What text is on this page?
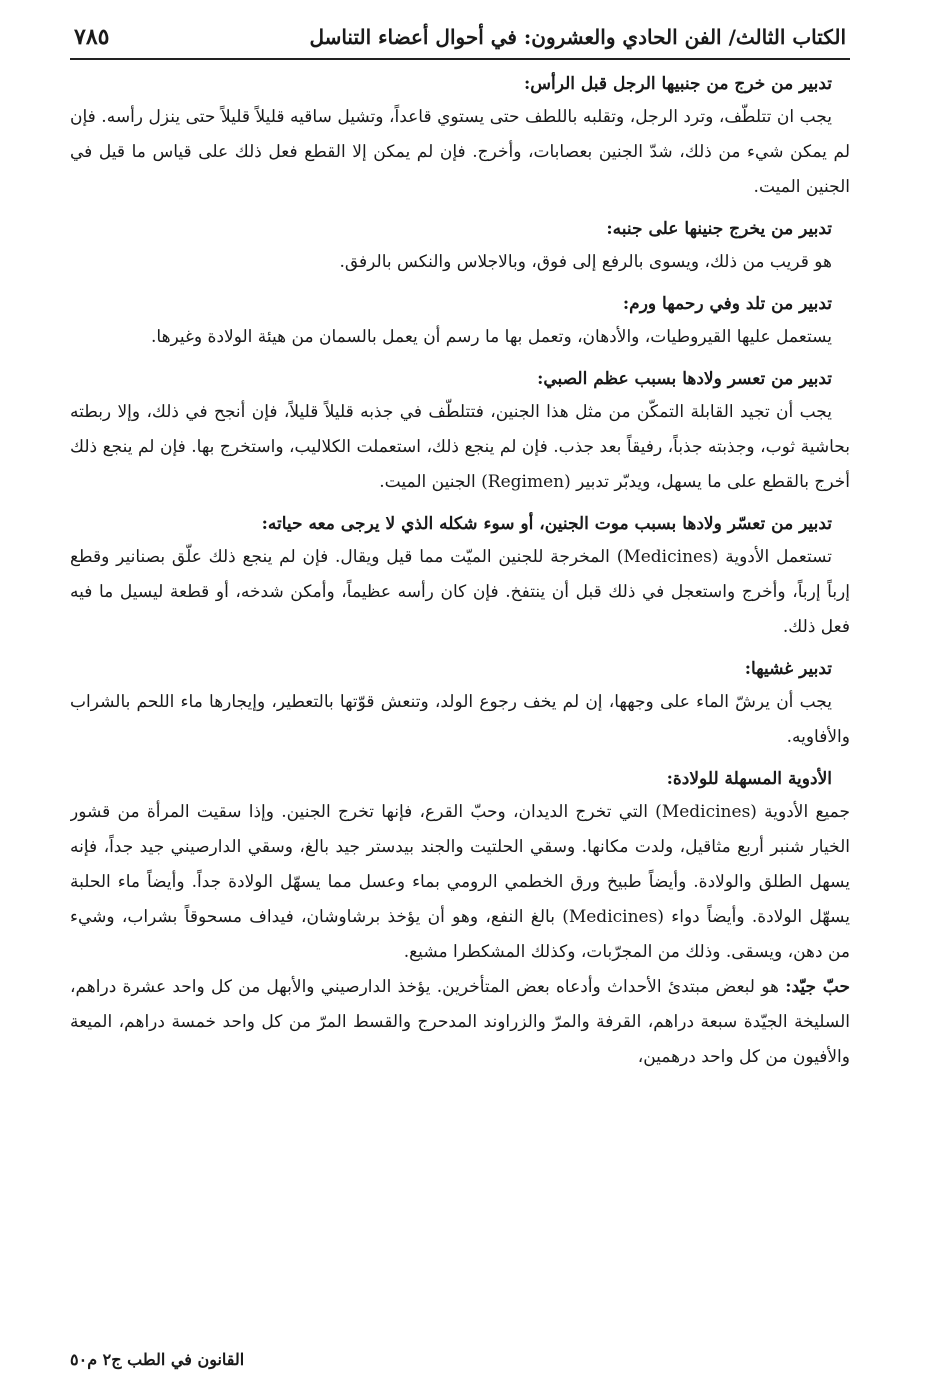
الكتاب الثالث/ الفن الحادي والعشرون: في أحوال أعضاء التناسل
٧٨٥
تدبير من خرج من جنبيها الرجل قبل الرأس:

يجب ان تتلطّف، وترد الرجل، وتقلبه باللطف حتى يستوي قاعداً، وتشيل ساقيه قليلاً قليلاً حتى ينزل رأسه. فإن لم يمكن شيء من ذلك، شدّ الجنين بعصابات، وأخرج. فإن لم يمكن إلا القطع فعل ذلك على قياس ما قيل في الجنين الميت.

تدبير من يخرج جنينها على جنبه:

هو قريب من ذلك، ويسوى بالرفع إلى فوق، وبالاجلاس والنكس بالرفق.

تدبير من تلد وفي رحمها ورم:

يستعمل عليها القيروطيات، والأدهان، وتعمل بها ما رسم أن يعمل بالسمان من هيئة الولادة وغيرها.

تدبير من تعسر ولادها بسبب عظم الصبي:

يجب أن تجيد القابلة التمكّن من مثل هذا الجنين، فتتلطّف في جذبه قليلاً قليلاً، فإن أنجح في ذلك، وإلا ربطته بحاشية ثوب، وجذبته جذباً، رفيقاً بعد جذب. فإن لم ينجع ذلك، استعملت الكلاليب، واستخرج بها. فإن لم ينجع ذلك أخرج بالقطع على ما يسهل، ويدبّر تدبير (Regimen) الجنين الميت.

تدبير من تعسّر ولادها بسبب موت الجنين، أو سوء شكله الذي لا يرجى معه حياته:

تستعمل الأدوية (Medicines) المخرجة للجنين الميّت مما قيل ويقال. فإن لم ينجع ذلك علّق بصنانير وقطع إرباً إرباً، وأخرج واستعجل في ذلك قبل أن ينتفخ. فإن كان رأسه عظيماً، وأمكن شدخه، أو قطعة ليسيل ما فيه فعل ذلك.

تدبير غشيها:

يجب أن يرشّ الماء على وجهها، إن لم يخف رجوع الولد، وتنعش قوّتها بالتعطير، وإيجارها ماء اللحم بالشراب والأفاويه.

الأدوية المسهلة للولادة:

جميع الأدوية (Medicines) التي تخرج الديدان، وحبّ القرع، فإنها تخرج الجنين. وإذا سقيت المرأة من قشور الخيار شنبر أربع مثاقيل، ولدت مكانها. وسقي الحلتيت والجند بيدستر جيد بالغ، وسقي الدارصيني جيد جداً، فإنه يسهل الطلق والولادة. وأيضاً طبيخ ورق الخطمي الرومي بماء وعسل مما يسهّل الولادة جداً. وأيضاً ماء الحلبة يسهّل الولادة. وأيضاً دواء (Medicines) بالغ النفع، وهو أن يؤخذ برشاوشان، فيداف مسحوقاً بشراب، وشيء من دهن، ويسقى. وذلك من المجرّبات، وكذلك المشكطرا مشيع.

حبّ جيّد: هو لبعض مبتدئ الأحداث وأدعاه بعض المتأخرين. يؤخذ الدارصيني والأبهل من كل واحد عشرة دراهم، السليخة الجيّدة سبعة دراهم، القرفة والمرّ والزراوند المدحرج والقسط المرّ من كل واحد خمسة دراهم، الميعة والأفيون من كل واحد درهمين،

القانون في الطب ج٢ م٥٠
